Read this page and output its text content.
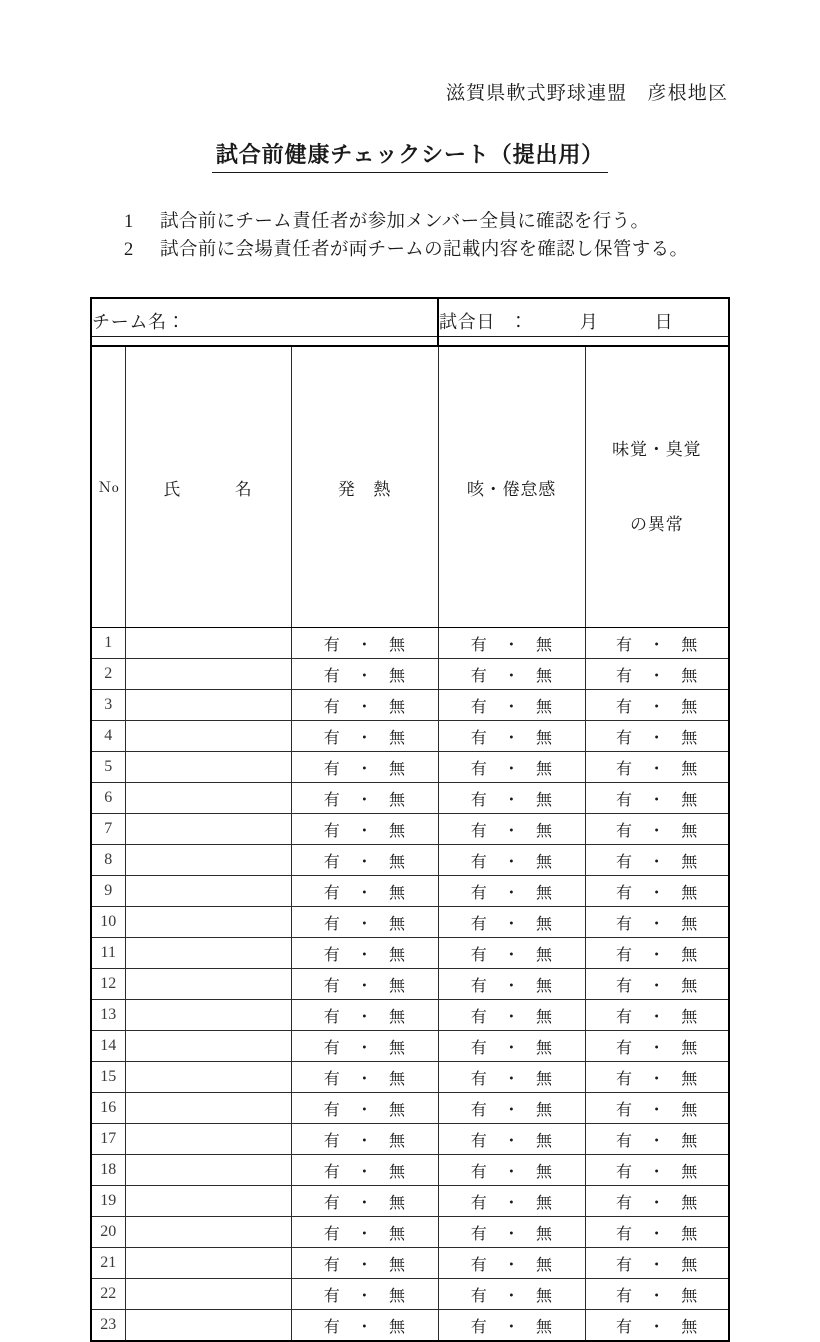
滋賀県軟式野球連盟　彦根地区
試合前健康チェックシート（提出用）
1	試合前にチーム責任者が参加メンバー全員に確認を行う。
2	試合前に会場責任者が両チームの記載内容を確認し保管する。
チーム名：			試合日　：　　　月　　　日	
Ｎo	氏　　　名	発　熱	咳・倦怠感	味覚・臭覚

の異常

1		有　・　無	有　・　無	有　・　無
2		有　・　無	有　・　無	有　・　無
3		有　・　無	有　・　無	有　・　無
4		有　・　無	有　・　無	有　・　無
5		有　・　無	有　・　無	有　・　無
6		有　・　無	有　・　無	有　・　無
7		有　・　無	有　・　無	有　・　無
8		有　・　無	有　・　無	有　・　無
9		有　・　無	有　・　無	有　・　無
10		有　・　無	有　・　無	有　・　無
11		有　・　無	有　・　無	有　・　無
12		有　・　無	有　・　無	有　・　無
13		有　・　無	有　・　無	有　・　無
14		有　・　無	有　・　無	有　・　無
15		有　・　無	有　・　無	有　・　無
16		有　・　無	有　・　無	有　・　無
17		有　・　無	有　・　無	有　・　無
18		有　・　無	有　・　無	有　・　無
19		有　・　無	有　・　無	有　・　無
20		有　・　無	有　・　無	有　・　無
21		有　・　無	有　・　無	有　・　無
22		有　・　無	有　・　無	有　・　無
23		有　・　無	有　・　無	有　・　無
